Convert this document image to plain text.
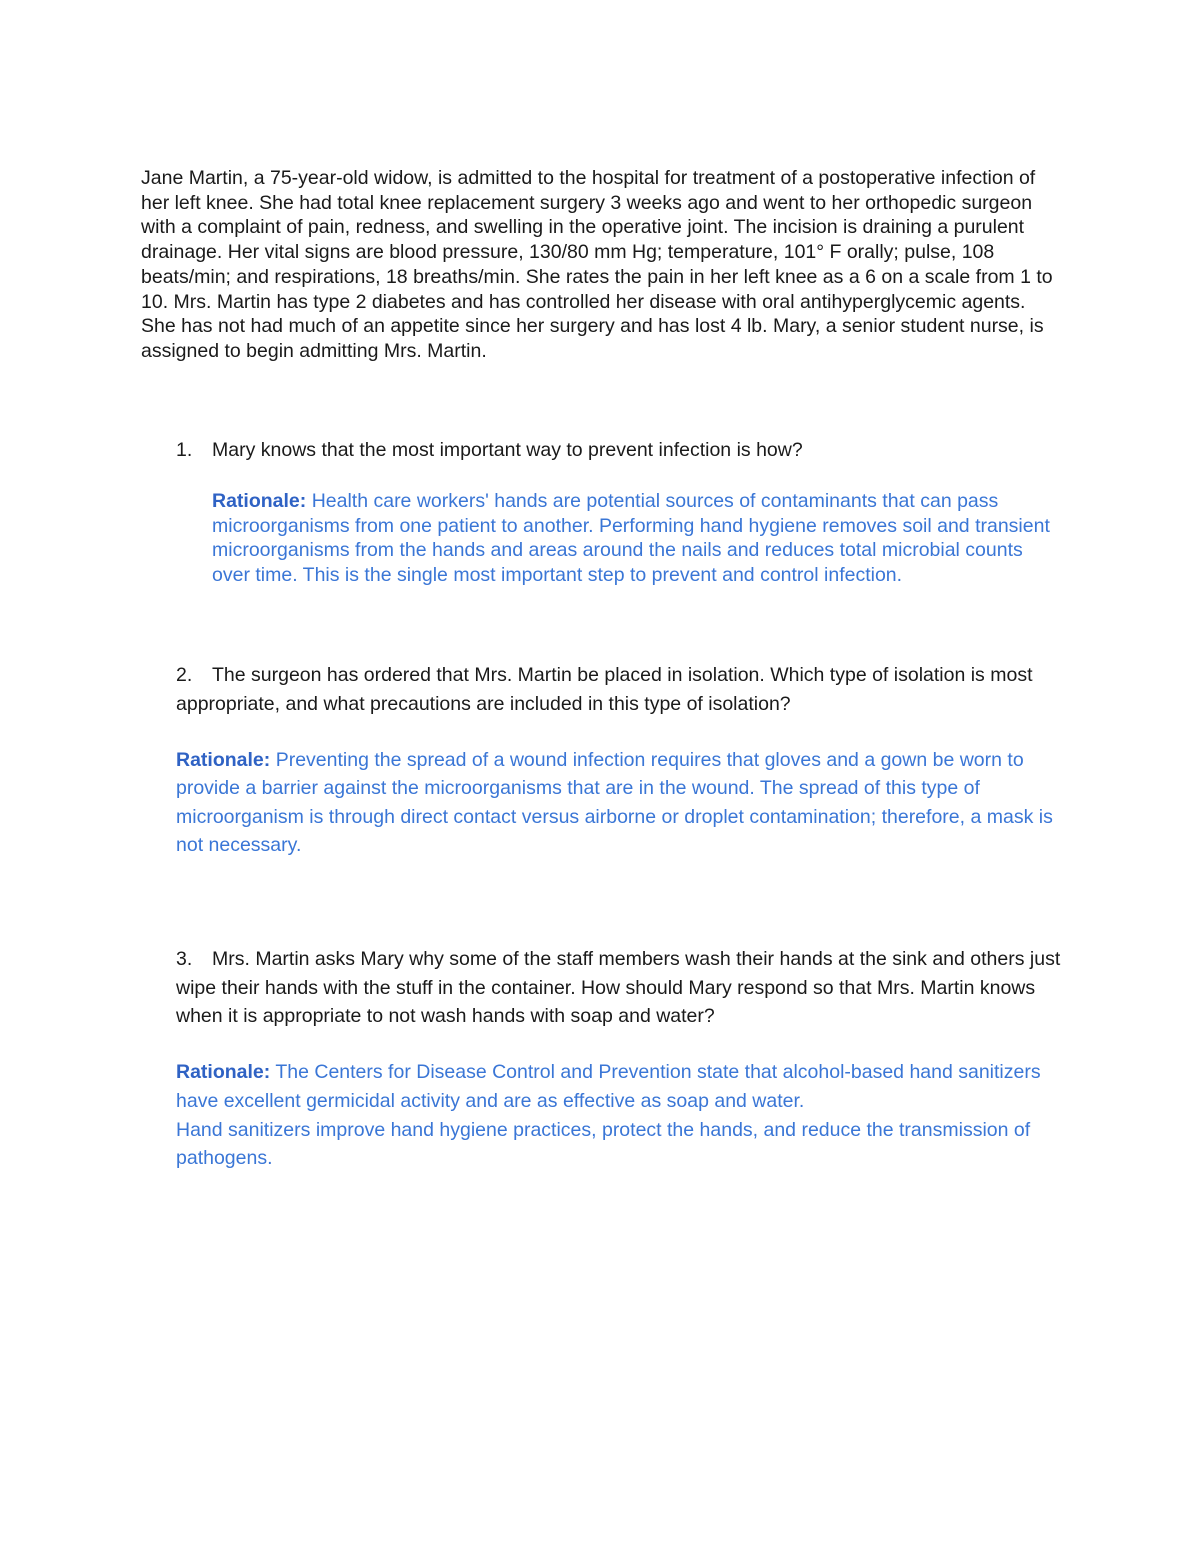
Jane Martin, a 75-year-old widow, is admitted to the hospital for treatment of a postoperative infection of her left knee. She had total knee replacement surgery 3 weeks ago and went to her orthopedic surgeon with a complaint of pain, redness, and swelling in the operative joint. The incision is draining a purulent drainage. Her vital signs are blood pressure, 130/80 mm Hg; temperature, 101° F orally; pulse, 108 beats/min; and respirations, 18 breaths/min. She rates the pain in her left knee as a 6 on a scale from 1 to 10. Mrs. Martin has type 2 diabetes and has controlled her disease with oral antihyperglycemic agents. She has not had much of an appetite since her surgery and has lost 4 lb. Mary, a senior student nurse, is assigned to begin admitting Mrs. Martin.

1. Mary knows that the most important way to prevent infection is how?

Rationale: Health care workers' hands are potential sources of contaminants that can pass microorganisms from one patient to another. Performing hand hygiene removes soil and transient microorganisms from the hands and areas around the nails and reduces total microbial counts over time. This is the single most important step to prevent and control infection.

2. The surgeon has ordered that Mrs. Martin be placed in isolation. Which type of isolation is most appropriate, and what precautions are included in this type of isolation?

Rationale: Preventing the spread of a wound infection requires that gloves and a gown be worn to provide a barrier against the microorganisms that are in the wound. The spread of this type of microorganism is through direct contact versus airborne or droplet contamination; therefore, a mask is not necessary.

3. Mrs. Martin asks Mary why some of the staff members wash their hands at the sink and others just wipe their hands with the stuff in the container. How should Mary respond so that Mrs. Martin knows when it is appropriate to not wash hands with soap and water?

Rationale: The Centers for Disease Control and Prevention state that alcohol-based hand sanitizers have excellent germicidal activity and are as effective as soap and water.
Hand sanitizers improve hand hygiene practices, protect the hands, and reduce the transmission of pathogens.
